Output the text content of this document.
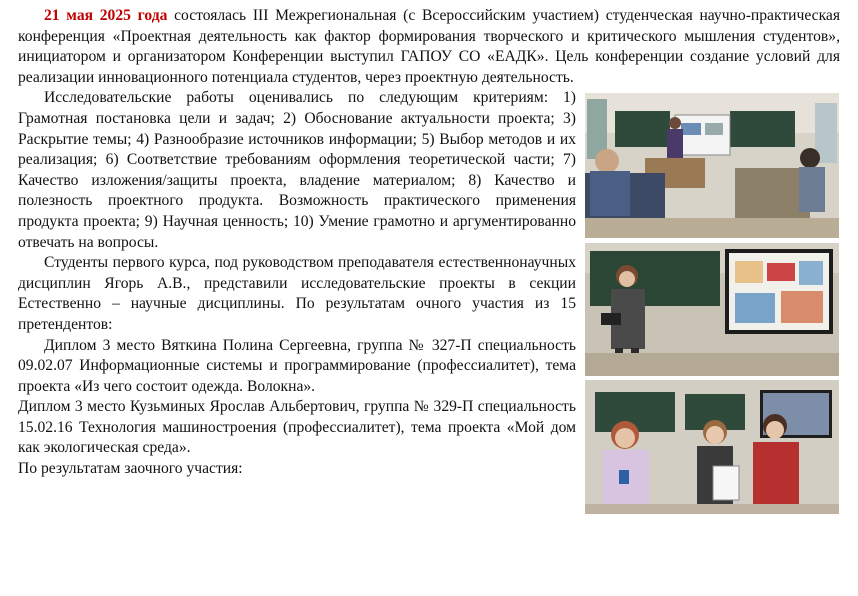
21 мая 2025 года состоялась III Межрегиональная (с Всероссийским участием) студенческая научно-практическая конференция «Проектная деятельность как фактор формирования творческого и критического мышления студентов», инициатором и организатором Конференции выступил ГАПОУ СО «ЕАДК». Цель конференции создание условий для реализации инновационного потенциала студентов, через проектную деятельность.

Исследовательские работы оценивались по следующим критериям: 1) Грамотная постановка цели и задач; 2) Обоснование актуальности проекта; 3) Раскрытие темы; 4) Разнообразие источников информации; 5) Выбор методов и их реализация; 6) Соответствие требованиям оформления теоретической части; 7) Качество изложения/защиты проекта, владение материалом; 8) Качество и полезность проектного продукта. Возможность практического применения продукта проекта; 9) Научная ценность; 10) Умение грамотно и аргументированно отвечать на вопросы.

Студенты первого курса, под руководством преподавателя естественнонаучных дисциплин Ягорь А.В., представили исследовательские проекты в секции Естественно – научные дисциплины. По результатам очного участия из 15 претендентов:

Диплом 3 место Вяткина Полина Сергеевна, группа № 327-П специальность 09.02.07 Информационные системы и программирование (профессиалитет), тема проекта «Из чего состоит одежда. Волокна».

Диплом 3 место Кузьминых Ярослав Альбертович, группа № 329-П специальность 15.02.16 Технология машиностроения (профессиалитет), тема проекта «Мой дом как экологическая среда».

По результатам заочного участия:
